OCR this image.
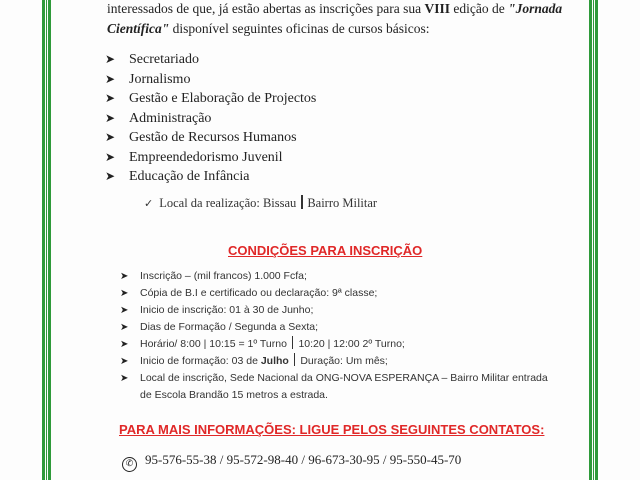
interessados de que, já estão abertas as inscrições para sua VIII edição de "Jornada
Científica" disponível seguintes oficinas de cursos básicos:
➤ Secretariado
➤ Jornalismo
➤ Gestão e Elaboração de Projectos
➤ Administração
➤ Gestão de Recursos Humanos
➤ Empreendedorismo Juvenil
➤ Educação de Infância
✓ Local da realização: Bissau Bairro Militar
CONDIÇÕES PARA INSCRIÇÃO
➤ Inscrição – (mil francos) 1.000 Fcfa;
➤ Cópia de B.I e certificado ou declaração: 9ª classe;
➤ Inicio de inscrição: 01 à 30 de Junho;
➤ Dias de Formação / Segunda a Sexta;
➤ Horário/ 8:00 | 10:15 = 1º Turno 10:20 | 12:00 2º Turno;
➤ Inicio de formação: 03 de Julho Duração: Um mês;
➤ Local de inscrição, Sede Nacional da ONG-NOVA ESPERANÇA – Bairro Militar entrada
de Escola Brandão 15 metros a estrada.
PARA MAIS INFORMAÇÕES: LIGUE PELOS SEGUINTES CONTATOS:
✆ 95-576-55-38 / 95-572-98-40 / 96-673-30-95 / 95-550-45-70
